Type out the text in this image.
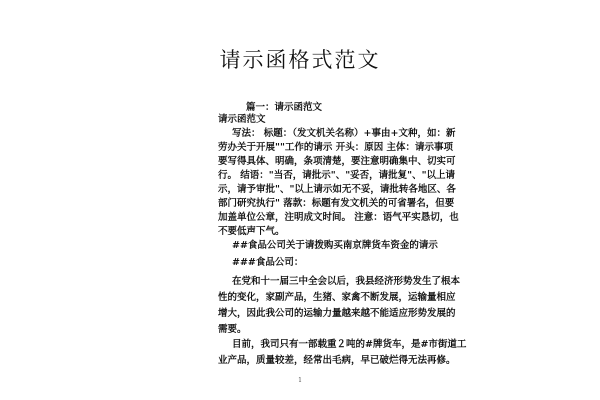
请示函格式范文
篇一：请示函范文
请示函范文
写法： 标题：（发文机关名称）+事由+文种，如：新
劳办关于开展""工作的请示 开头：原因 主体：请示事项
要写得具体、明确，条项清楚，要注意明确集中、切实可
行。 结语："当否，请批示"、"妥否，请批复"、"以上请
示，请予审批"、"以上请示如无不妥，请批转各地区、各
部门研究执行" 落款：标题有发文机关的可省署名，但要
加盖单位公章，注明成文时间。 注意：语气平实恳切，也
不要低声下气。
##食品公司关于请拨购买南京牌货车资金的请示
###食品公司：
在党和十一届三中全会以后，我县经济形势发生了根本
性的变化，家副产品，生猪、家禽不断发展，运输量相应
增大，因此我公司的运输力量越来越不能适应形势发展的
需要。
目前，我司只有一部载重２吨的#牌货车，是#市街道工
业产品，质量较差，经常出毛病，早已破烂得无法再修。
1
